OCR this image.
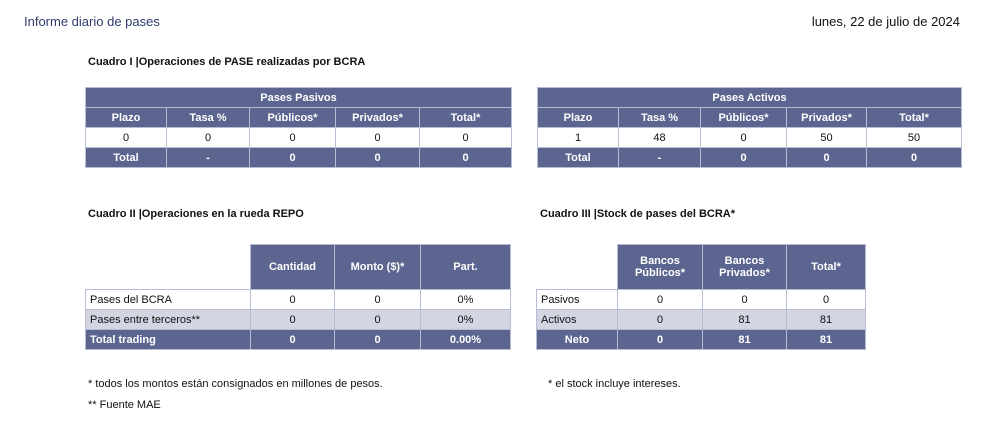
Informe diario de pases	lunes, 22 de julio de 2024
Cuadro I |Operaciones de PASE realizadas por BCRA
Pases Pasivos				
Plazo	Tasa %	Públicos*	Privados*	Total*
0	0	0	0	0
Total	-	0	0	0
Pases Activos				
Plazo	Tasa %	Públicos*	Privados*	Total*
1	48	0	50	50
Total	-	0	0	0
Cuadro II |Operaciones en la rueda REPO
	Cantidad	Monto ($)*	Part.
Pases del BCRA	0	0	0%
Pases entre terceros**	0	0	0%
Total trading	0	0	0.00%
Cuadro III |Stock de pases del BCRA*
	Bancos Públicos*	Bancos Privados*	Total*
Pasivos	0	0	0
Activos	0	81	81
Neto	0	81	81
* todos los montos están consignados en millones de pesos.
** Fuente MAE
* el stock incluye intereses.
